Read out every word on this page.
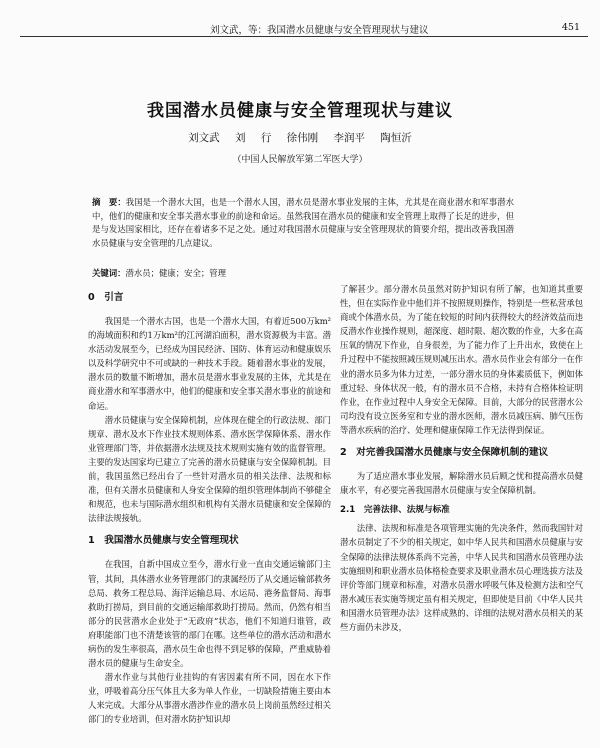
刘文武，等：我国潜水员健康与安全管理现状与建议	451
我国潜水员健康与安全管理现状与建议
刘文武 刘 行 徐伟刚 李润平 陶恒沂
（中国人民解放军第二军医大学）
摘　要：我国是一个潜水大国，也是一个潜水人国，潜水员是潜水事业发展的主体，尤其是在商业潜水和军事潜水中，他们的健康和安全事关潜水事业的前途和命运。虽然我国在潜水员的健康和安全管理上取得了长足的进步，但是与发达国家相比，还存在着诸多不足之处。通过对我国潜水员健康与安全管理现状的简要介绍，提出改善我国潜水员健康与安全管理的几点建议。
关键词：潜水员；健康；安全；管理
0　引言

我国是一个潜水古国，也是一个潜水大国，有着近500万km²的海域面积和约1万km²的江河湖泊面积，潜水资源极为丰富。潜水活动发展至今，已经成为国民经济、国防、体育运动和健康娱乐以及科学研究中不可或缺的一种技术手段。随着潜水事业的发展，潜水员的数量不断增加，潜水员是潜水事业发展的主体，尤其是在商业潜水和军事潜水中，他们的健康和安全事关潜水事业的前途和命运。

潜水员健康与安全保障机制，应体现在健全的行政法规、部门规章、潜水及水下作业技术规则体系、潜水医学保障体系、潜水作业管理部门等，并依据潜水法规及技术规则实施有效的监督管理。主要的发达国家均已建立了完善的潜水员健康与安全保障机制。目前，我国虽然已经出台了一些针对潜水员的相关法律、法规和标准，但有关潜水员健康和人身安全保障的组织管理体制尚不够健全和规范，也未与国际潜水组织和机构有关潜水员健康和安全保障的法律法规接轨。

1　我国潜水员健康与安全管理现状

在我国，自新中国成立至今，潜水行业一直由交通运输部门主管，其间，具体潜水业务管理部门的隶属经历了从交通运输部救务总局、救务工程总局、海洋运输总局、水运局、港务监督局、海事救助打捞局，到目前的交通运输部救助打捞局。然而，仍然有相当部分的民营潜水企业处于“无政府”状态，他们不知道归谁管，政府职能部门也不清楚该管的部门在哪。这些单位的潜水活动和潜水病伤的发生率很高，潜水员生命也得不到足够的保障，严重威胁着潜水员的健康与生命安全。

潜水作业与其他行业挂钩的有害因素有所不同，因在水下作业，呼吸着高分压气体且大多为单人作业，一切缺险措施主要由本人来完成。大部分从事潜水潜涉作业的潜水员上岗前虽然经过相关部门的专业培训，但对潜水防护知识却

了解甚少。部分潜水员虽然对防护知识有所了解，也知道其重要性，但在实际作业中他们并不按照规则操作，特别是一些私营承包商或个体潜水员，为了能在较短的时间内获得较大的经济效益而违反潜水作业操作规则，超深度、超时限、超次数的作业，大多在高压氧的情况下作业，自身很差，为了能力作了上升出水，致使在上升过程中不能按照减压规则减压出水。潜水员作业会有部分一在作业的潜水员多为体力过差，一部分潜水员的身体素质低下，例如体重过轻、身体状况一般，有的潜水员不合格，未持有合格体检证明作业，在作业过程中人身安全无保障。目前，大部分的民营潜水公司均没有设立医务室和专业的潜水医师，潜水员减压病、肺气压伤等潜水疾病的治疗、处理和健康保障工作无法得到保证。

2　对完善我国潜水员健康与安全保障机制的建议

为了适应潜水事业发展，解除潜水员后顾之忧和提高潜水员健康水平，有必要完善我国潜水员健康与安全保障机制。

2.1　完善法律、法规与标准

法律、法规和标准是各项管理实施的先决条件，然而我国针对潜水员制定了不少的相关规定，如中华人民共和国潜水员健康与安全保障的法律法规体系尚不完善，中华人民共和国潜水员管理办法实施细则和职业潜水员体格检查要求及职业潜水员心理选拔方法及评价等部门规章和标准，对潜水员潜水呼吸气体及检测方法和空气潜水减压表实施等规定虽有相关规定，但即使是目前《中华人民共和国潜水员管理办法》这样成熟的、详细的法规对潜水员相关的某些方面仍未涉及，
